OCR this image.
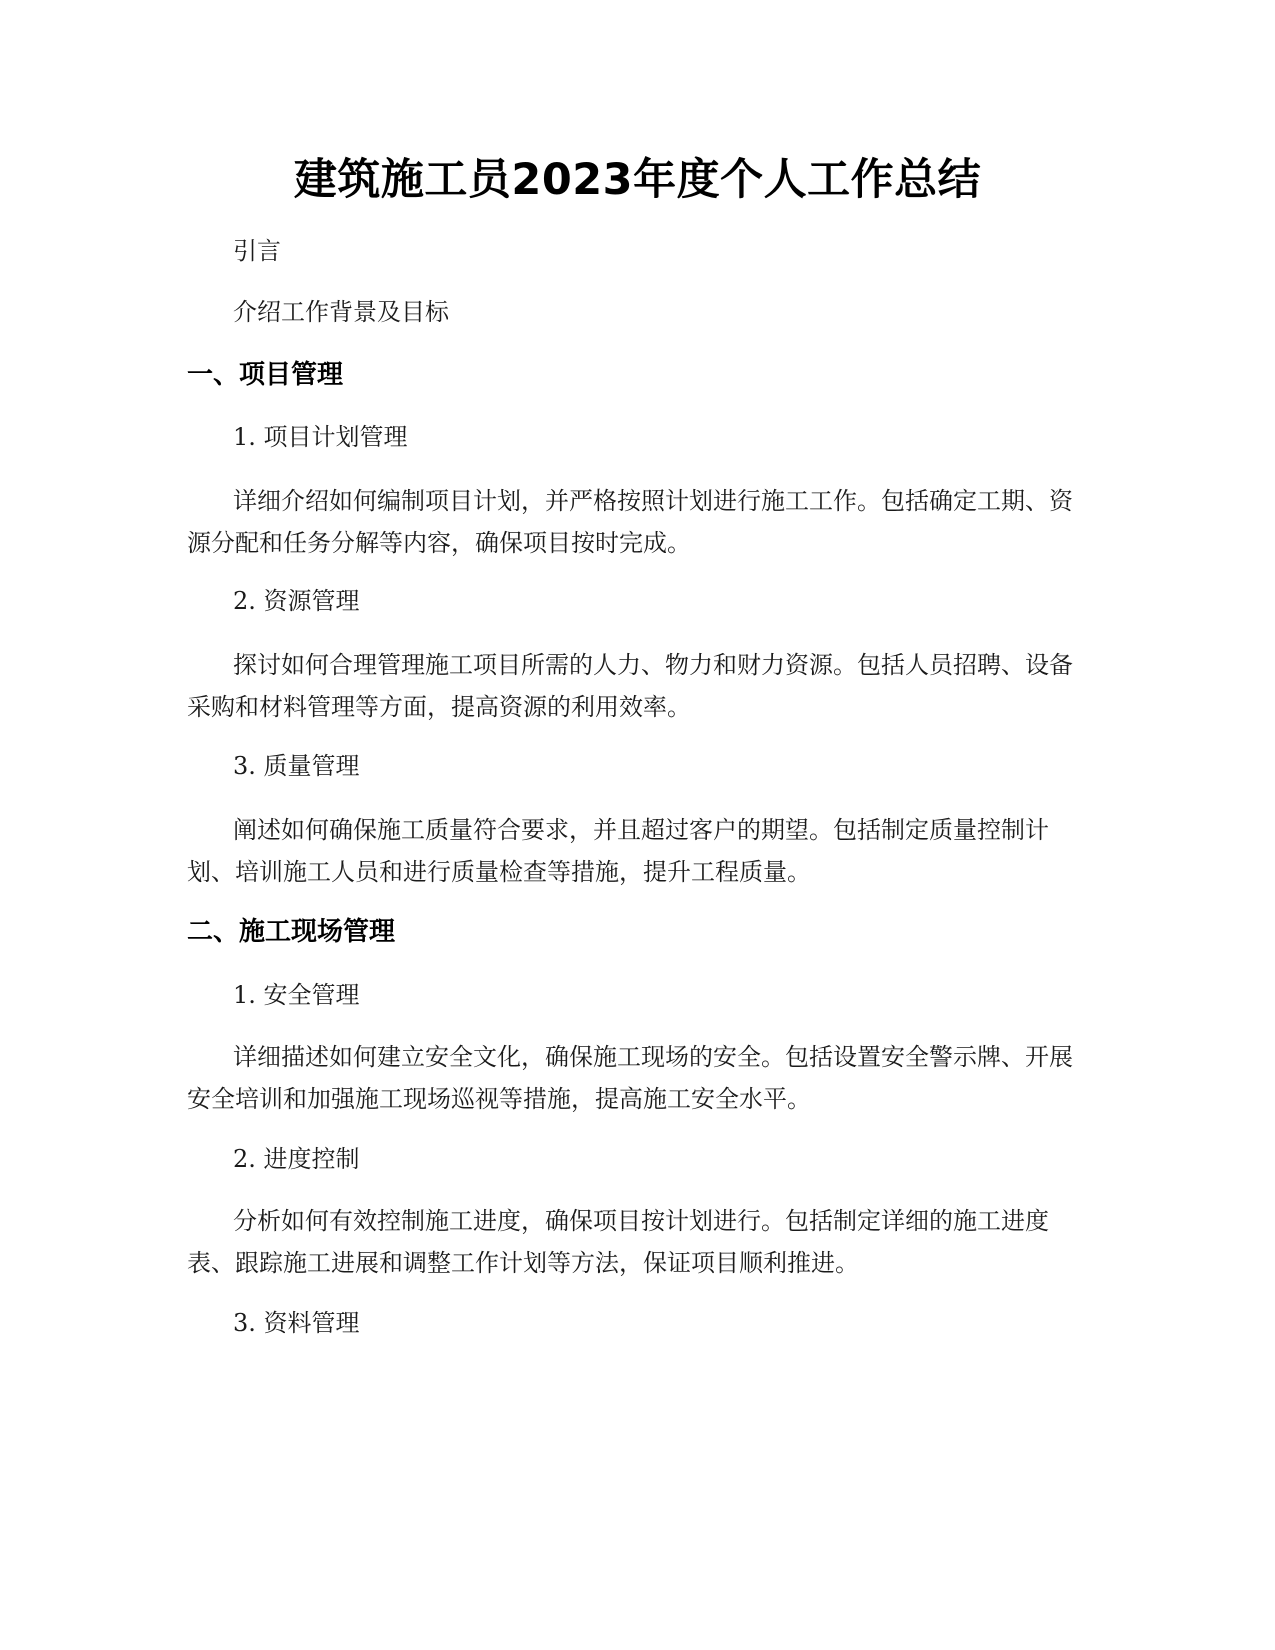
建筑施工员2023年度个人工作总结
引言
介绍工作背景及目标
一、项目管理
1. 项目计划管理
详细介绍如何编制项目计划，并严格按照计划进行施工工作。包括确定工期、资源分配和任务分解等内容，确保项目按时完成。
2. 资源管理
探讨如何合理管理施工项目所需的人力、物力和财力资源。包括人员招聘、设备采购和材料管理等方面，提高资源的利用效率。
3. 质量管理
阐述如何确保施工质量符合要求，并且超过客户的期望。包括制定质量控制计划、培训施工人员和进行质量检查等措施，提升工程质量。
二、施工现场管理
1. 安全管理
详细描述如何建立安全文化，确保施工现场的安全。包括设置安全警示牌、开展安全培训和加强施工现场巡视等措施，提高施工安全水平。
2. 进度控制
分析如何有效控制施工进度，确保项目按计划进行。包括制定详细的施工进度表、跟踪施工进展和调整工作计划等方法，保证项目顺利推进。
3. 资料管理
